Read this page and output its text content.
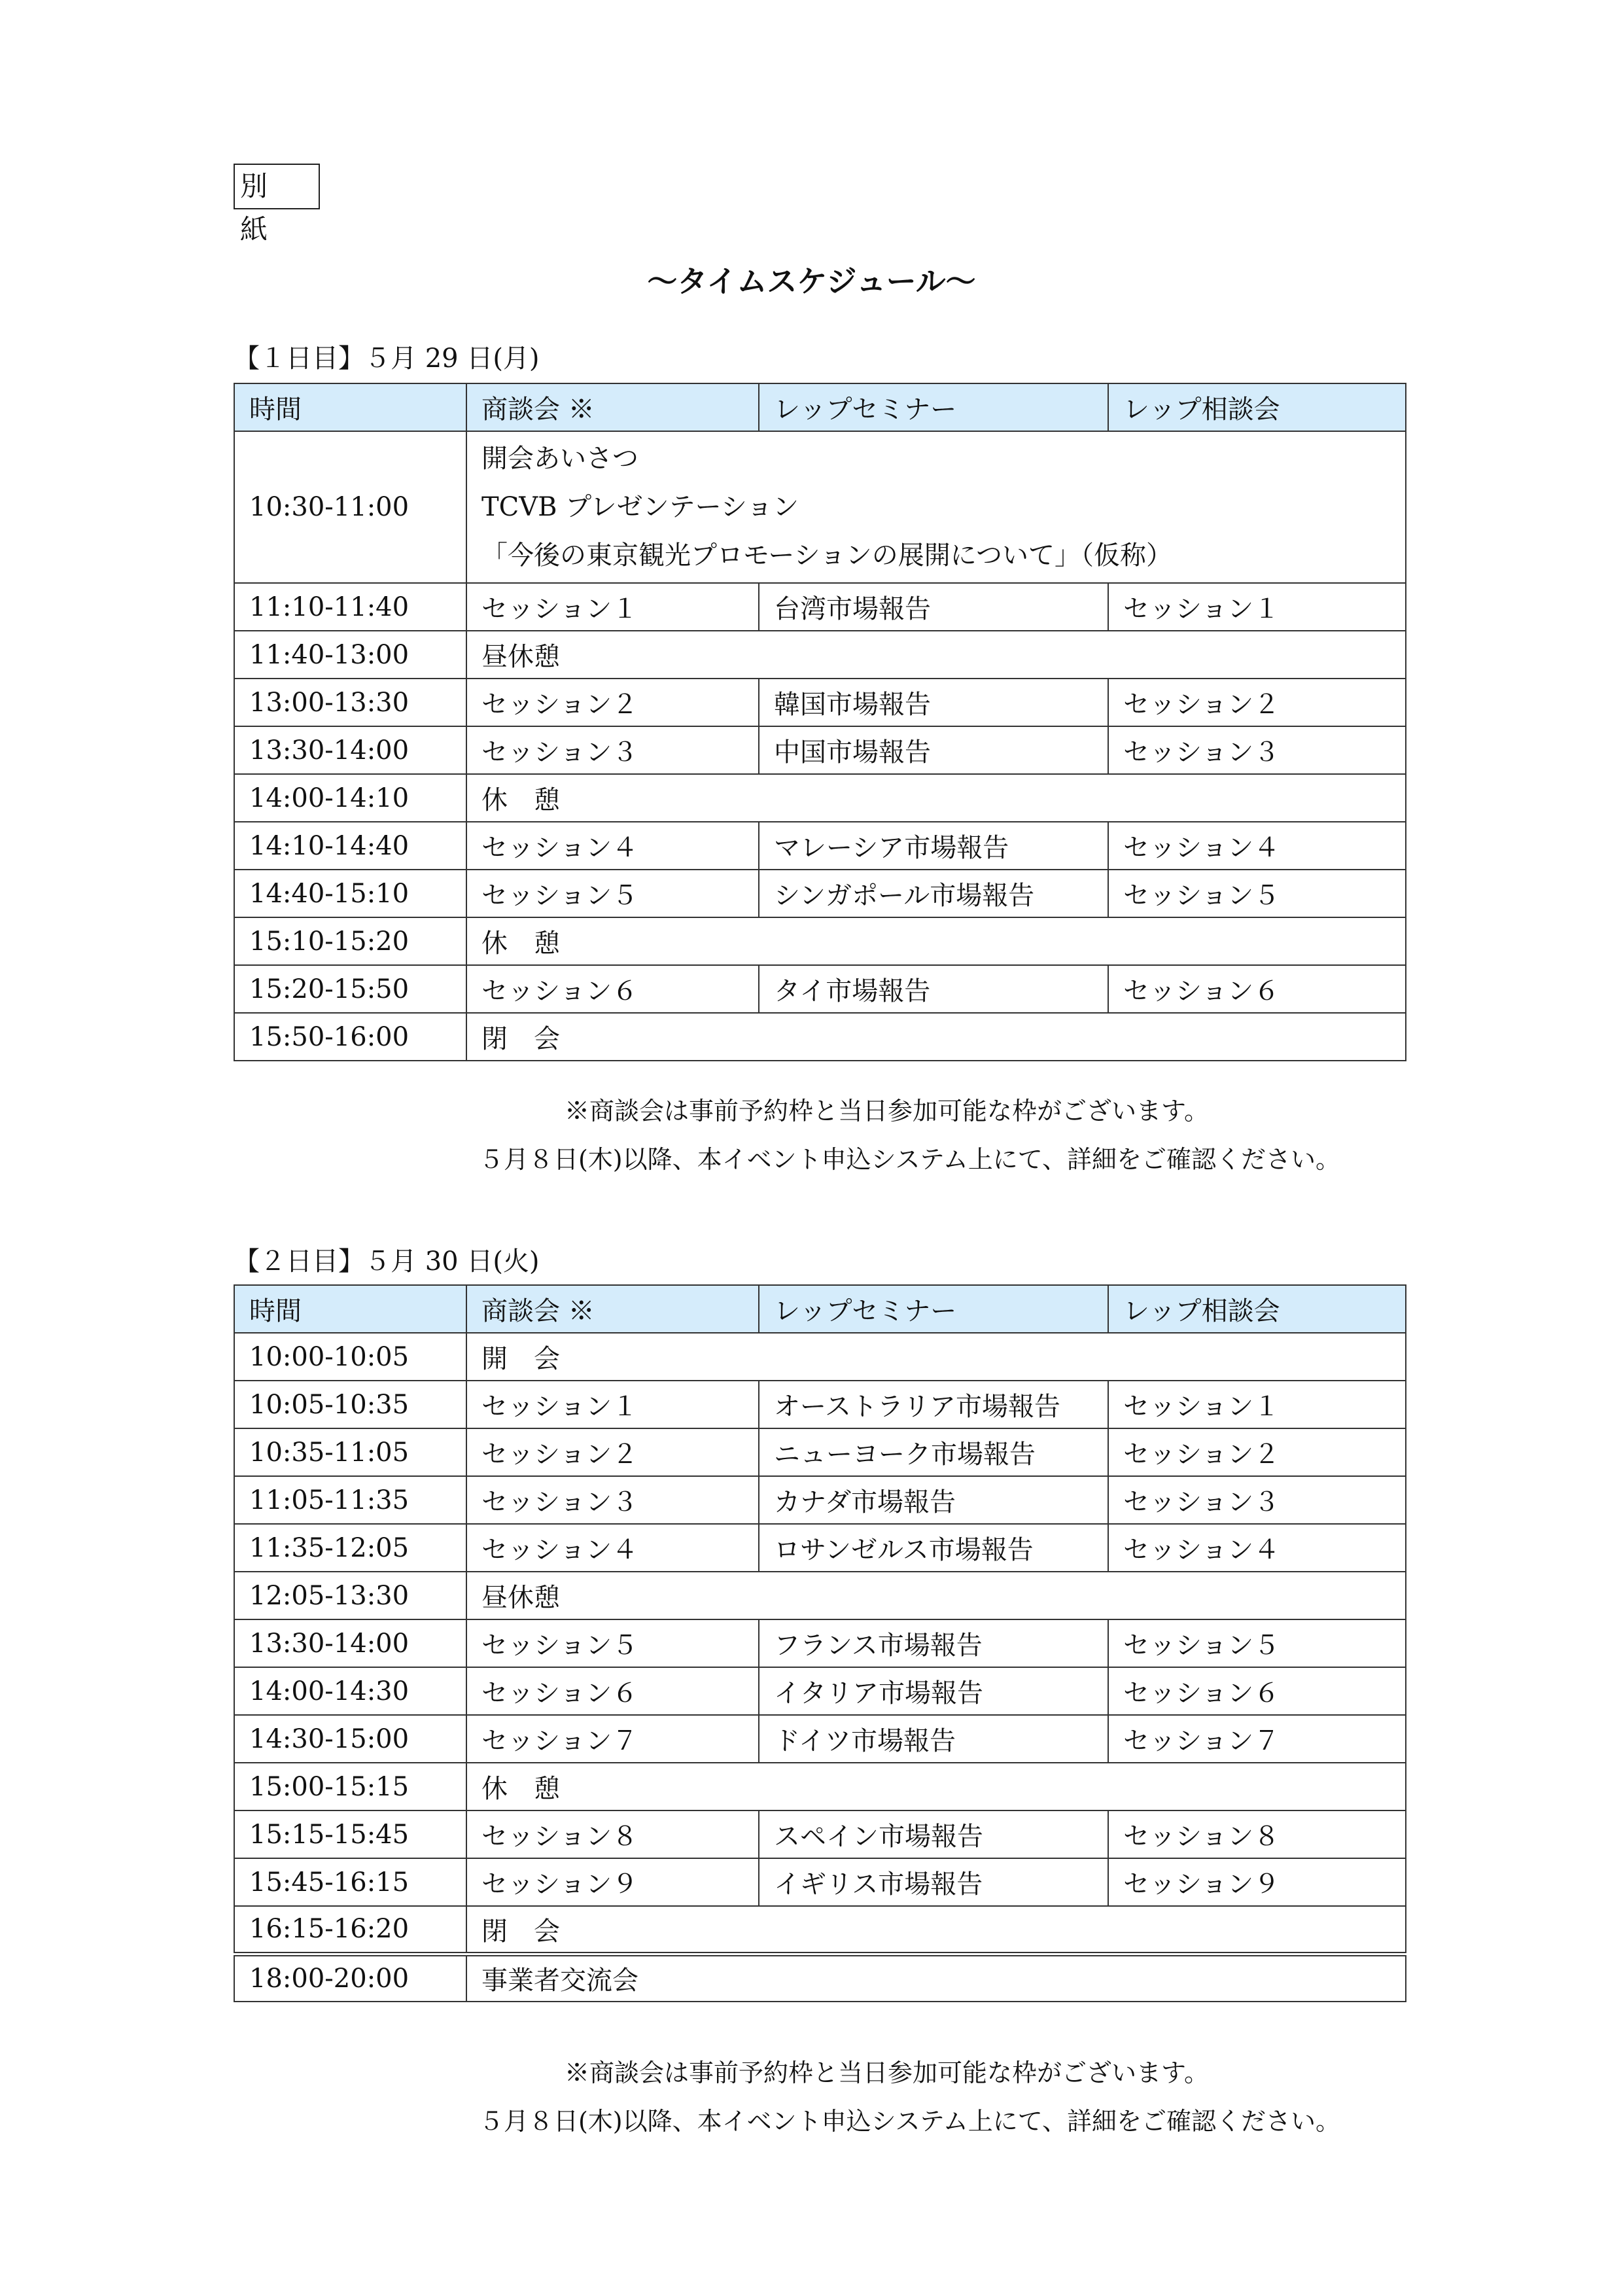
別　紙
〜タイムスケジュール〜
【１日目】５月 29 日(月)
時間	商談会 ※	レップセミナー	レップ相談会
10:30-11:00	開会あいさつ
TCVB プレゼンテーション
「今後の東京観光プロモーションの展開について」（仮称）		

11:10-11:40	セッション１	台湾市場報告	セッション１
11:40-13:00	昼休憩		
13:00-13:30	セッション２	韓国市場報告	セッション２
13:30-14:00	セッション３	中国市場報告	セッション３
14:00-14:10	休　憩		
14:10-14:40	セッション４	マレーシア市場報告	セッション４
14:40-15:10	セッション５	シンガポール市場報告	セッション５
15:10-15:20	休　憩		
15:20-15:50	セッション６	タイ市場報告	セッション６
15:50-16:00	閉　会		
※商談会は事前予約枠と当日参加可能な枠がございます。
５月８日(木)以降、本イベント申込システム上にて、詳細をご確認ください。
【２日目】５月 30 日(火)
時間	商談会 ※	レップセミナー	レップ相談会
10:00-10:05	開　会		
10:05-10:35	セッション１	オーストラリア市場報告	セッション１
10:35-11:05	セッション２	ニューヨーク市場報告	セッション２
11:05-11:35	セッション３	カナダ市場報告	セッション３
11:35-12:05	セッション４	ロサンゼルス市場報告	セッション４
12:05-13:30	昼休憩		
13:30-14:00	セッション５	フランス市場報告	セッション５
14:00-14:30	セッション６	イタリア市場報告	セッション６
14:30-15:00	セッション７	ドイツ市場報告	セッション７
15:00-15:15	休　憩		
15:15-15:45	セッション８	スペイン市場報告	セッション８
15:45-16:15	セッション９	イギリス市場報告	セッション９
16:15-16:20	閉　会		
18:00-20:00	事業者交流会		
※商談会は事前予約枠と当日参加可能な枠がございます。
５月８日(木)以降、本イベント申込システム上にて、詳細をご確認ください。
